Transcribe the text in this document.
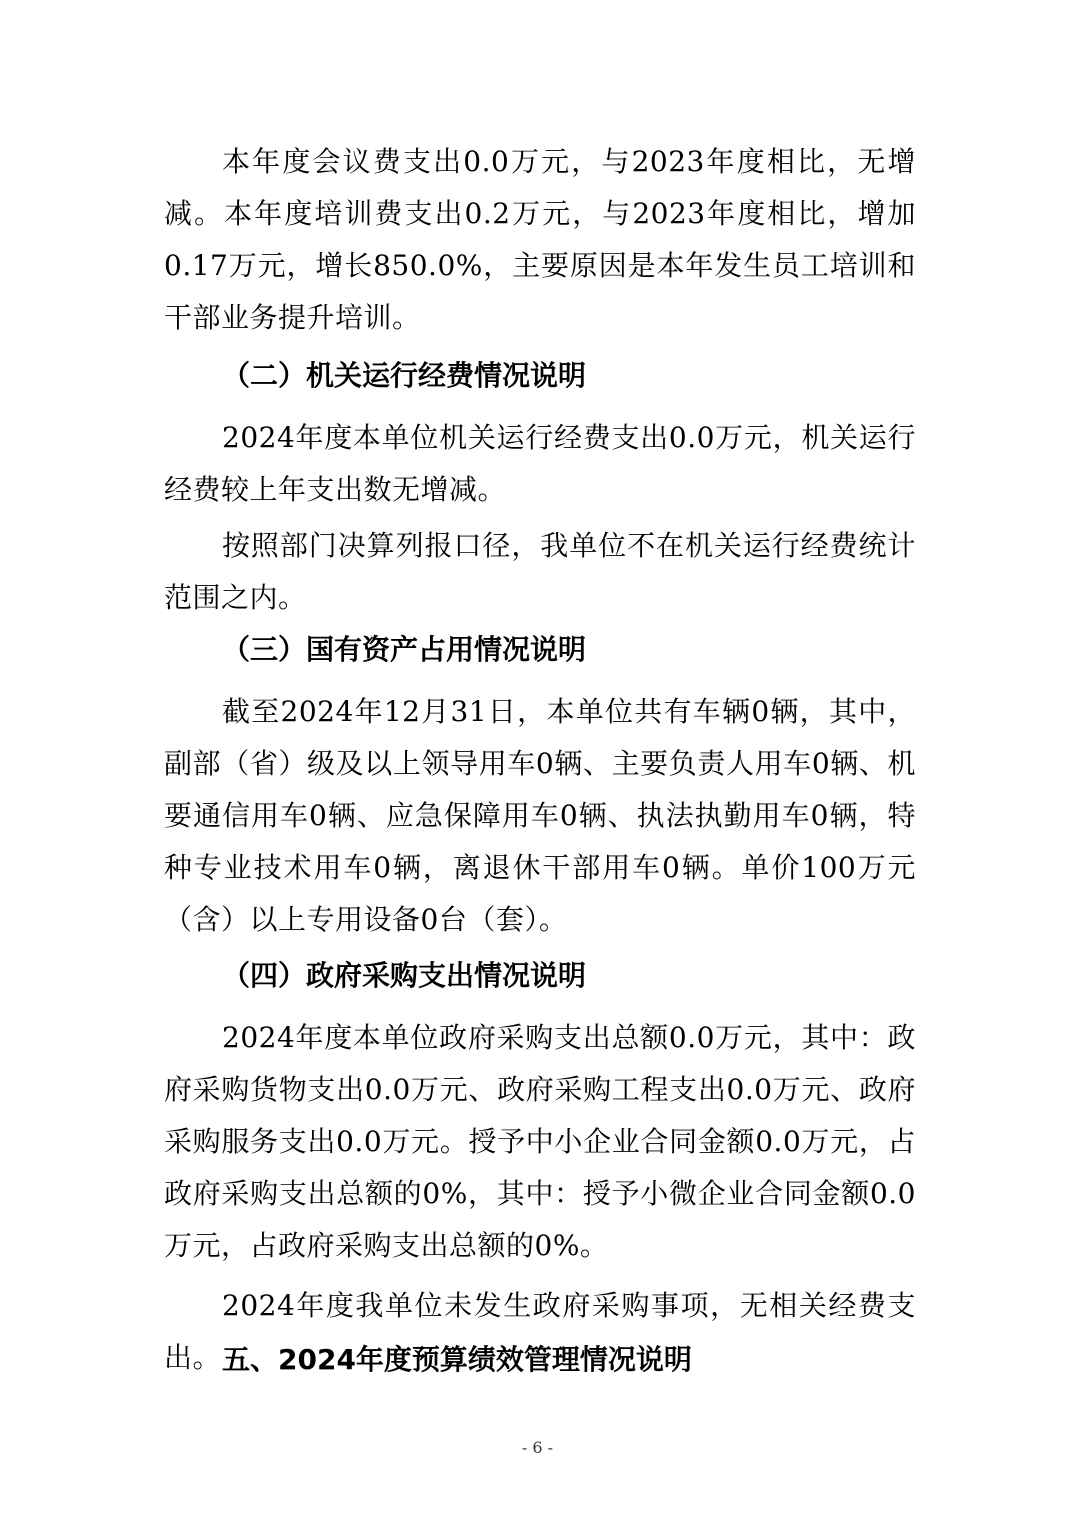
本年度会议费支出0.0万元，与2023年度相比，无增减。本年度培训费支出0.2万元，与2023年度相比，增加0.17万元，增长850.0%，主要原因是本年发生员工培训和干部业务提升培训。

（二）机关运行经费情况说明

2024年度本单位机关运行经费支出0.0万元，机关运行经费较上年支出数无增减。

按照部门决算列报口径，我单位不在机关运行经费统计范围之内。

（三）国有资产占用情况说明

截至2024年12月31日，本单位共有车辆0辆，其中，副部（省）级及以上领导用车0辆、主要负责人用车0辆、机要通信用车0辆、应急保障用车0辆、执法执勤用车0辆，特种专业技术用车0辆，离退休干部用车0辆。单价100万元（含）以上专用设备0台（套）。

（四）政府采购支出情况说明

2024年度本单位政府采购支出总额0.0万元，其中：政府采购货物支出0.0万元、政府采购工程支出0.0万元、政府采购服务支出0.0万元。授予中小企业合同金额0.0万元，占政府采购支出总额的0%，其中：授予小微企业合同金额0.0万元，占政府采购支出总额的0%。

2024年度我单位未发生政府采购事项，无相关经费支出。 五、2024年度预算绩效管理情况说明
- 6 -
